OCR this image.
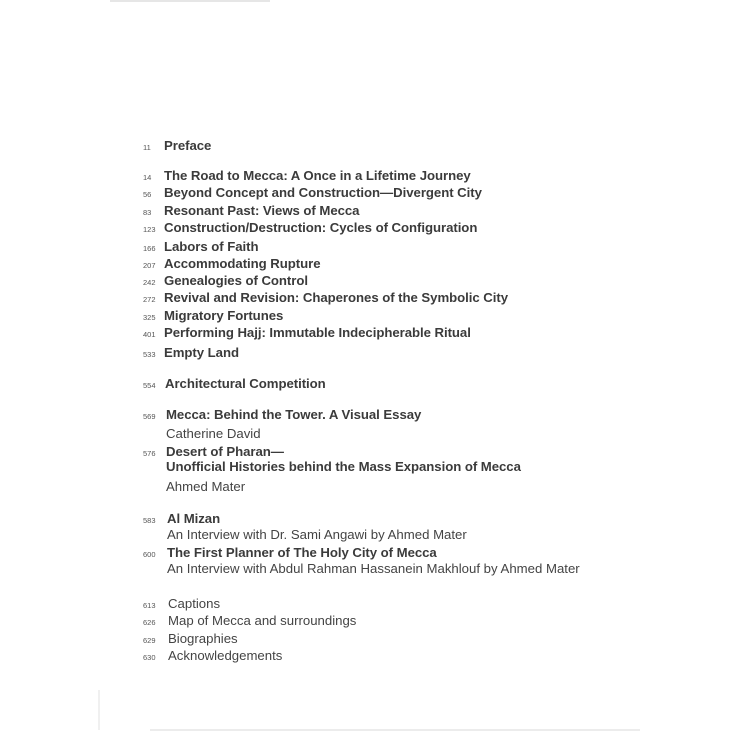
11 Preface
14 The Road to Mecca: A Once in a Lifetime Journey
56 Beyond Concept and Construction—Divergent City
83 Resonant Past: Views of Mecca
123 Construction/Destruction: Cycles of Configuration
166 Labors of Faith
207 Accommodating Rupture
242 Genealogies of Control
272 Revival and Revision: Chaperones of the Symbolic City
325 Migratory Fortunes
401 Performing Hajj: Immutable Indecipherable Ritual
533 Empty Land
554 Architectural Competition
569 Mecca: Behind the Tower. A Visual Essay
Catherine David
576 Desert of Pharan—
Unofficial Histories behind the Mass Expansion of Mecca
Ahmed Mater
583 Al Mizan
An Interview with Dr. Sami Angawi by Ahmed Mater
600 The First Planner of The Holy City of Mecca
An Interview with Abdul Rahman Hassanein Makhlouf by Ahmed Mater
613 Captions
626 Map of Mecca and surroundings
629 Biographies
630 Acknowledgements
